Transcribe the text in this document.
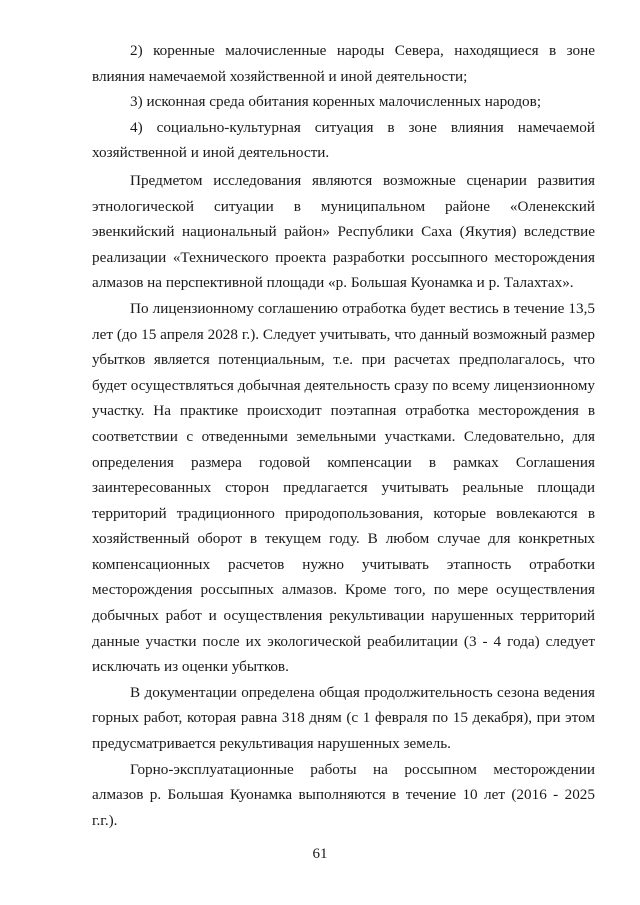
2) коренные малочисленные народы Севера, находящиеся в зоне влияния намечаемой хозяйственной и иной деятельности;

3) исконная среда обитания коренных малочисленных народов;

4) социально-культурная ситуация в зоне влияния намечаемой хозяйственной и иной деятельности.

Предметом исследования являются возможные сценарии развития этнологической ситуации в муниципальном районе «Оленекский эвенкийский национальный район» Республики Саха (Якутия) вследствие реализации «Технического проекта разработки россыпного месторождения алмазов на перспективной площади «р. Большая Куонамка и р. Талахтах».

По лицензионному соглашению отработка будет вестись в течение 13,5 лет (до 15 апреля 2028 г.). Следует учитывать, что данный возможный размер убытков является потенциальным, т.е. при расчетах предполагалось, что будет осуществляться добычная деятельность сразу по всему лицензионному участку. На практике происходит поэтапная отработка месторождения в соответствии с отведенными земельными участками. Следовательно, для определения размера годовой компенсации в рамках Соглашения заинтересованных сторон предлагается учитывать реальные площади территорий традиционного природопользования, которые вовлекаются в хозяйственный оборот в текущем году. В любом случае для конкретных компенсационных расчетов нужно учитывать этапность отработки месторождения россыпных алмазов. Кроме того, по мере осуществления добычных работ и осуществления рекультивации нарушенных территорий данные участки после их экологической реабилитации (3 - 4 года) следует исключать из оценки убытков.

В документации определена общая продолжительность сезона ведения горных работ, которая равна 318 дням (с 1 февраля по 15 декабря), при этом предусматривается рекультивация нарушенных земель.

Горно-эксплуатационные работы на россыпном месторождении алмазов р. Большая Куонамка выполняются в течение 10 лет (2016 - 2025 г.г.).

61
